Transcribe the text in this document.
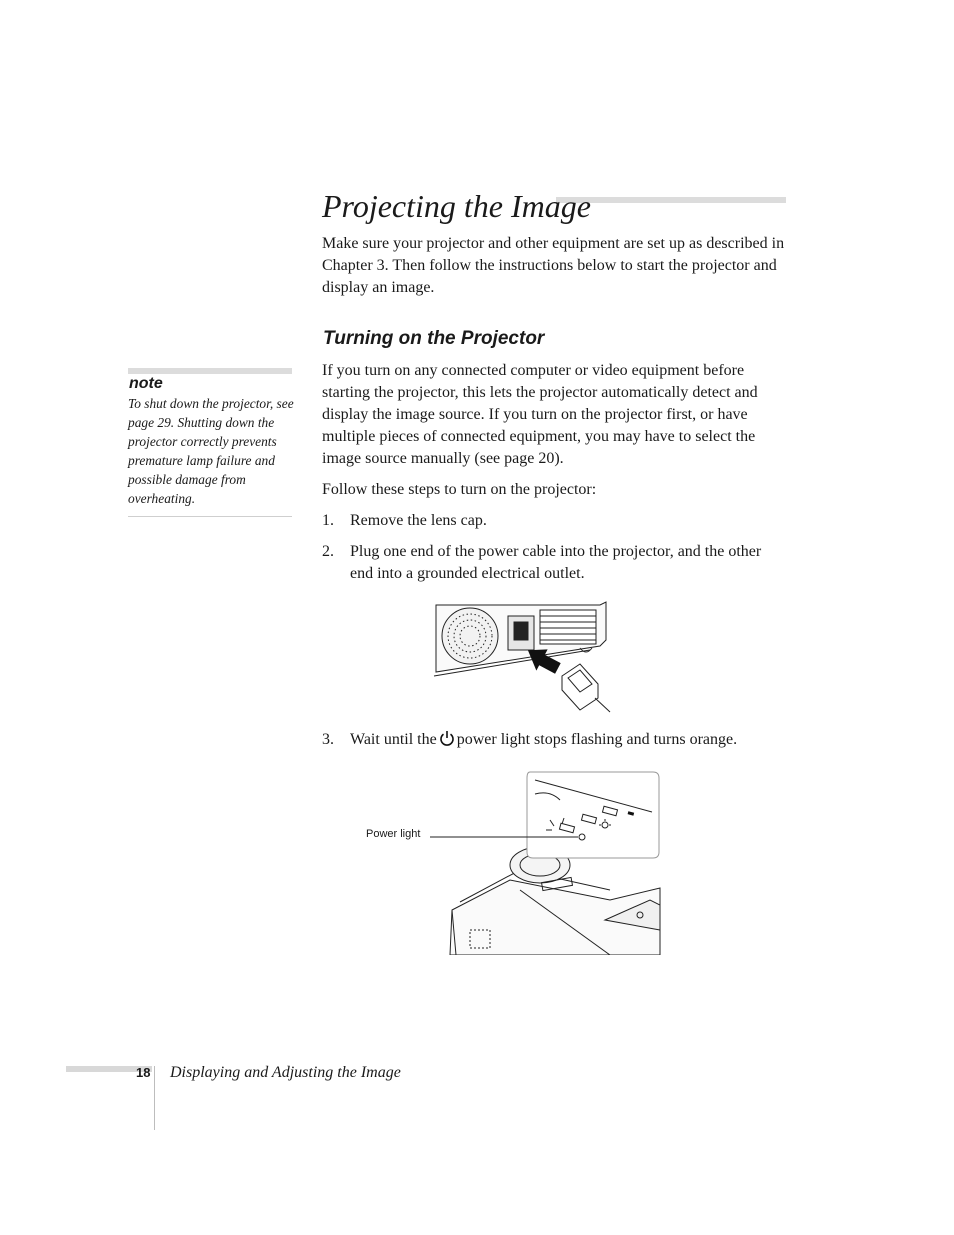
Projecting the Image

Make sure your projector and other equipment are set up as described in Chapter 3. Then follow the instructions below to start the projector and display an image.

Turning on the Projector

If you turn on any connected computer or video equipment before starting the projector, this lets the projector automatically detect and display the image source. If you turn on the projector first, or have multiple pieces of connected equipment, you may have to select the image source manually (see page 20).

Follow these steps to turn on the projector:

1. Remove the lens cap.
2. Plug one end of the power cable into the projector, and the other end into a grounded electrical outlet.
3. Wait until the power light stops flashing and turns orange.
Power light
note

To shut down the projector, see page 29. Shutting down the projector correctly prevents premature lamp failure and possible damage from overheating.

18 Displaying and Adjusting the Image
